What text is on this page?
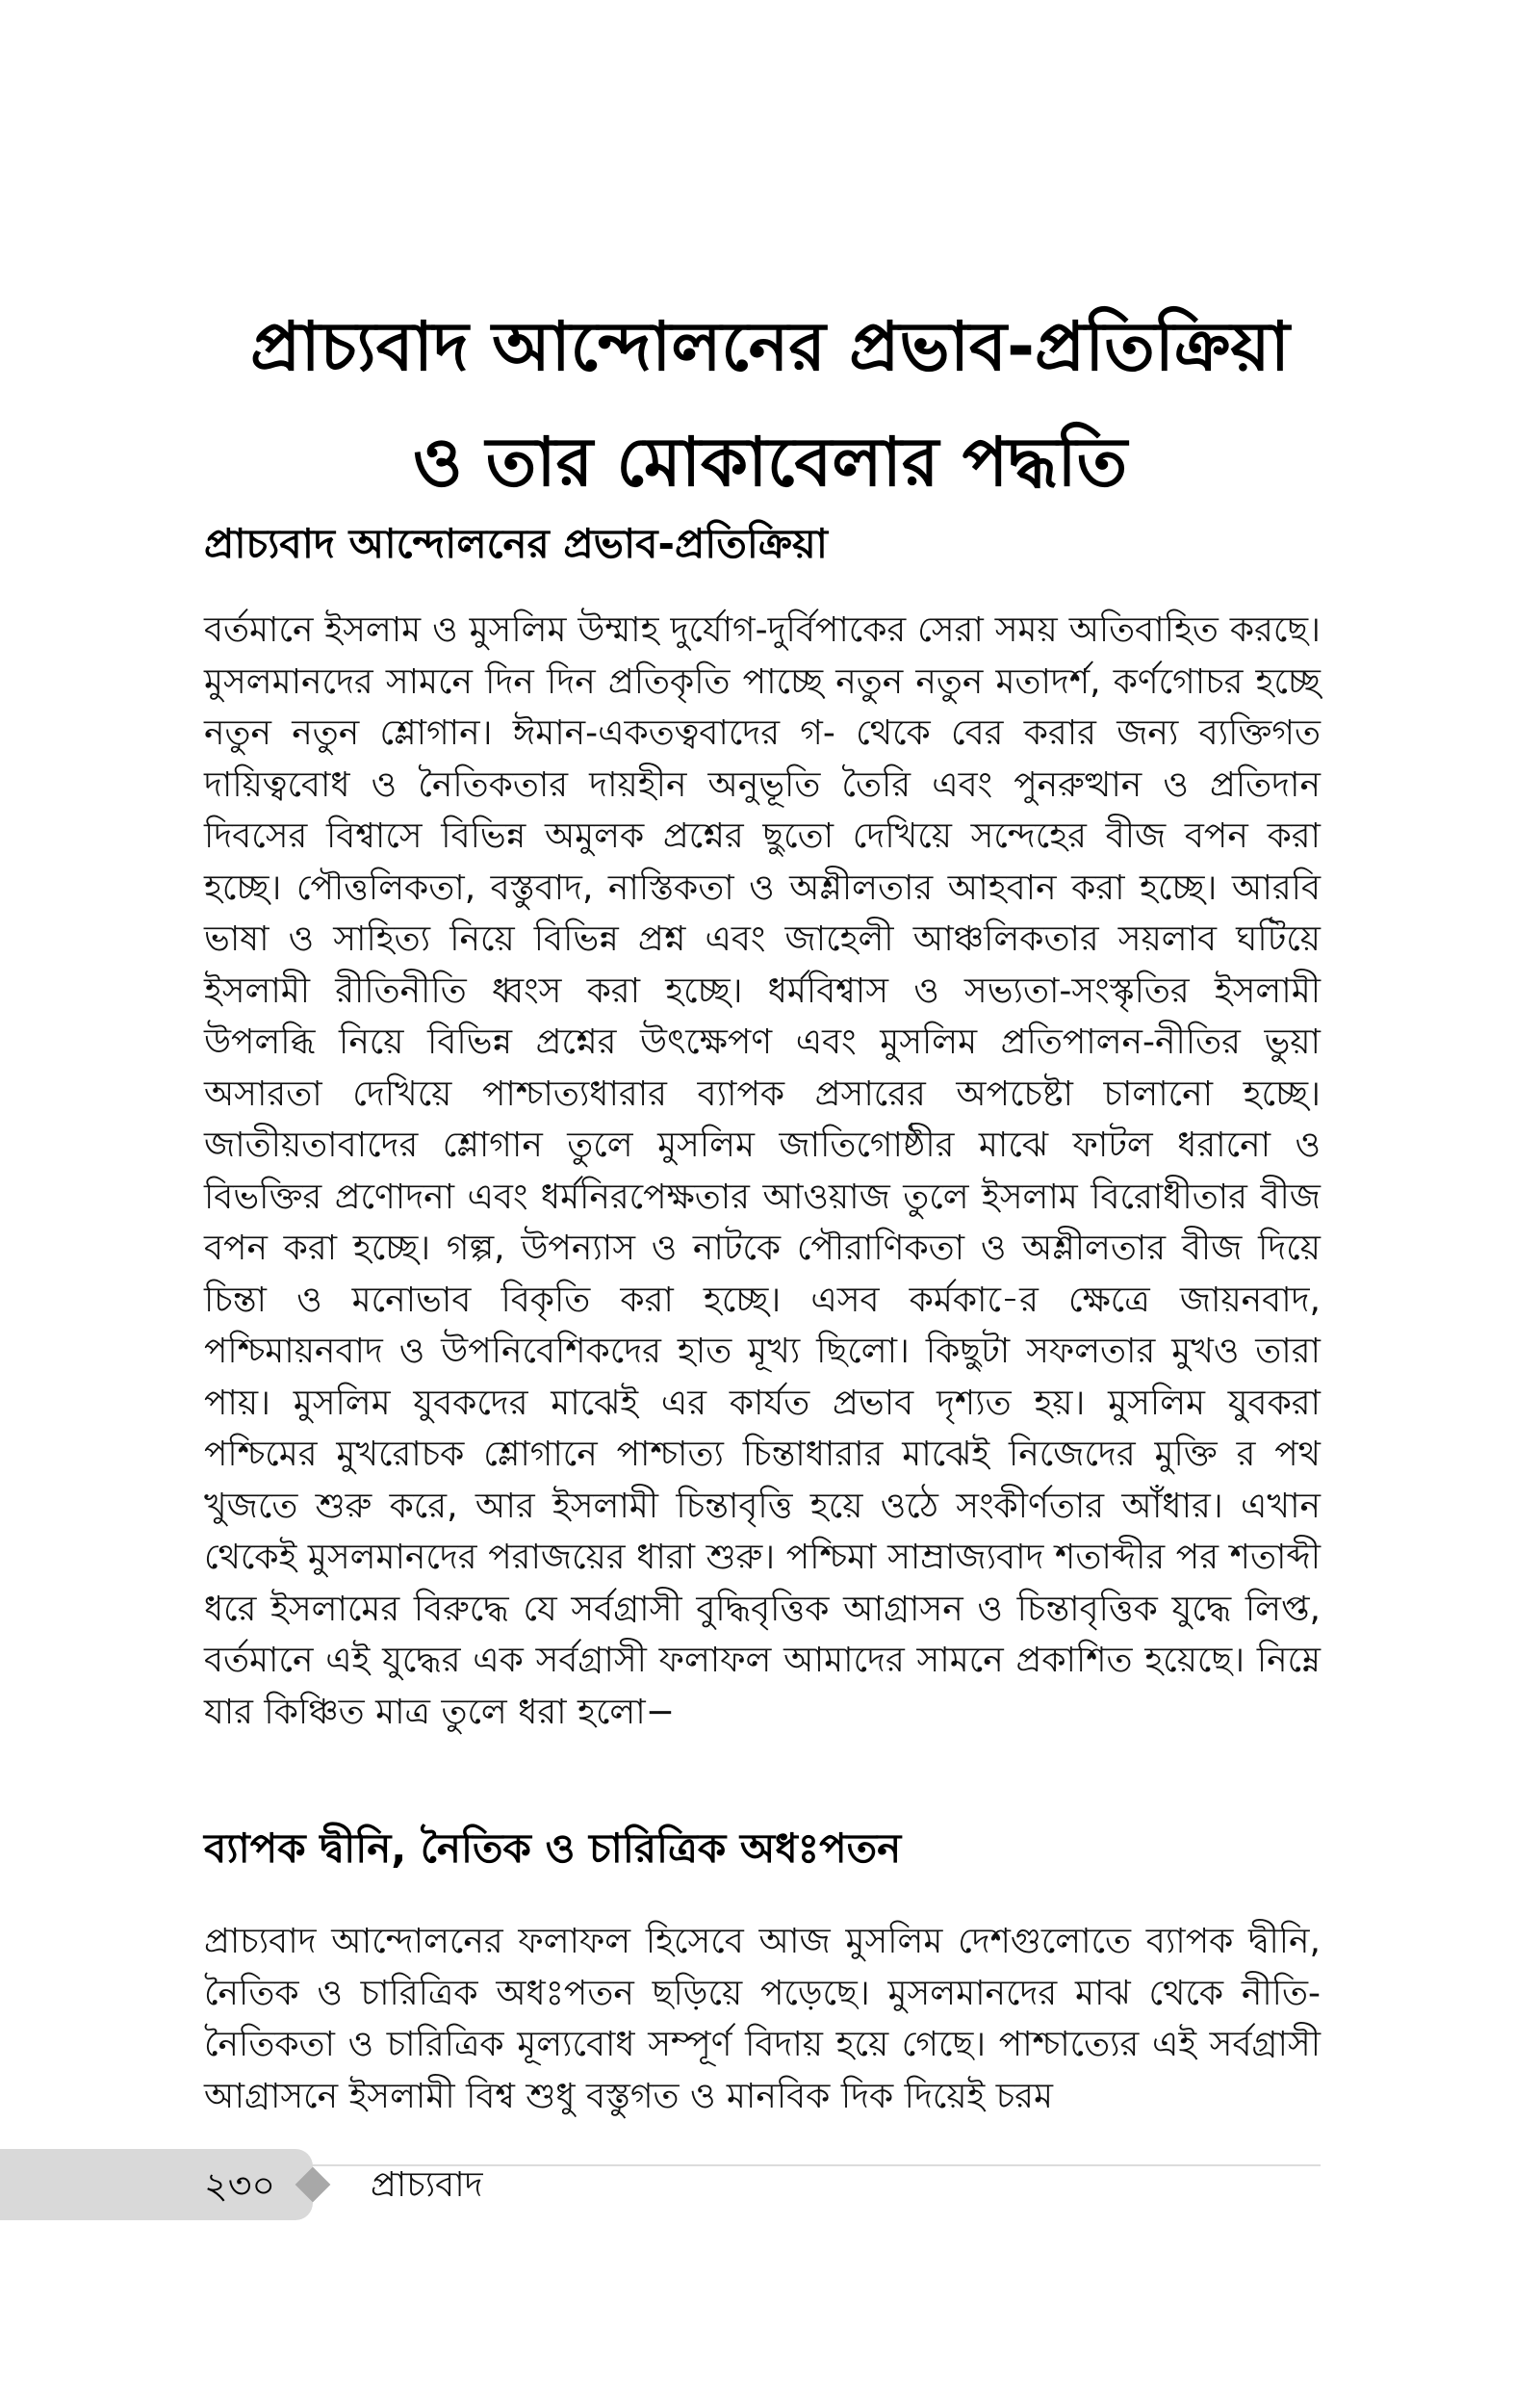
প্রাচ্যবাদ আন্দোলনের প্রভাব-প্রতিক্রিয়া
ও তার মোকাবেলার পদ্ধতি
প্রাচ্যবাদ আন্দোলনের প্রভাব-প্রতিক্রিয়া
বর্তমানে ইসলাম ও মুসলিম উম্মাহ দুর্যোগ-দুর্বিপাকের সেরা সময় অতিবাহিত করছে। মুসলমানদের সামনে দিন দিন প্রতিকৃতি পাচ্ছে নতুন নতুন মতাদর্শ, কর্ণগোচর হচ্ছে নতুন নতুন শ্লোগান। ঈমান-একতত্ববাদের গ- থেকে বের করার জন্য ব্যক্তিগত দায়িত্ববোধ ও নৈতিকতার দায়হীন অনুভূতি তৈরি এবং পুনরুত্থান ও প্রতিদান দিবসের বিশ্বাসে বিভিন্ন অমুলক প্রশ্নের ছুতো দেখিয়ে সন্দেহের বীজ বপন করা হচ্ছে। পৌত্তলিকতা, বস্তুবাদ, নাস্তিকতা ও অশ্লীলতার আহবান করা হচ্ছে। আরবি ভাষা ও সাহিত্য নিয়ে বিভিন্ন প্রশ্ন এবং জাহেলী আঞ্চলিকতার সয়লাব ঘটিয়ে ইসলামী রীতিনীতি ধ্বংস করা হচ্ছে। ধর্মবিশ্বাস ও সভ্যতা-সংস্কৃতির ইসলামী উপলব্ধি নিয়ে বিভিন্ন প্রশ্নের উৎক্ষেপণ এবং মুসলিম প্রতিপালন-নীতির ভুয়া অসারতা দেখিয়ে পাশ্চাত্যধারার ব্যাপক প্রসারের অপচেষ্টা চালানো হচ্ছে। জাতীয়তাবাদের শ্লোগান তুলে মুসলিম জাতিগোষ্ঠীর মাঝে ফাটল ধরানো ও বিভক্তির প্রণোদনা এবং ধর্মনিরপেক্ষতার আওয়াজ তুলে ইসলাম বিরোধীতার বীজ বপন করা হচ্ছে। গল্প, উপন্যাস ও নাটকে পৌরাণিকতা ও অশ্লীলতার বীজ দিয়ে চিন্তা ও মনোভাব বিকৃতি করা হচ্ছে। এসব কর্মকা-ের ক্ষেত্রে জায়নবাদ, পশ্চিমায়নবাদ ও উপনিবেশিকদের হাত মূখ্য ছিলো। কিছুটা সফলতার মুখও তারা পায়। মুসলিম যুবকদের মাঝেই এর কার্যত প্রভাব দৃশ্যত হয়। মুসলিম যুবকরা পশ্চিমের মুখরোচক শ্লোগানে পাশ্চাত্য চিন্তাধারার মাঝেই নিজেদের মুক্তি র পথ খুজতে শুরু করে, আর ইসলামী চিন্তাবৃত্তি হয়ে ওঠে সংকীর্ণতার আঁধার। এখান থেকেই মুসলমানদের পরাজয়ের ধারা শুরু। পশ্চিমা সাম্রাজ্যবাদ শতাব্দীর পর শতাব্দী ধরে ইসলামের বিরুদ্ধে যে সর্বগ্রাসী বুদ্ধিবৃত্তিক আগ্রাসন ও চিন্তাবৃত্তিক যুদ্ধে লিপ্ত, বর্তমানে এই যুদ্ধের এক সর্বগ্রাসী ফলাফল আমাদের সামনে প্রকাশিত হয়েছে। নিম্নে যার কিঞ্চিত মাত্র তুলে ধরা হলো−
ব্যাপক দ্বীনি, নৈতিক ও চারিত্রিক অধঃপতন
প্রাচ্যবাদ আন্দোলনের ফলাফল হিসেবে আজ মুসলিম দেশগুলোতে ব্যাপক দ্বীনি, নৈতিক ও চারিত্রিক অধঃপতন ছড়িয়ে পড়েছে। মুসলমানদের মাঝ থেকে নীতি-নৈতিকতা ও চারিত্রিক মূল্যবোধ সম্পূর্ণ বিদায় হয়ে গেছে। পাশ্চাত্যের এই সর্বগ্রাসী আগ্রাসনে ইসলামী বিশ্ব শুধু বস্তুগত ও মানবিক দিক দিয়েই চরম
২৩০	প্রাচ্যবাদ
